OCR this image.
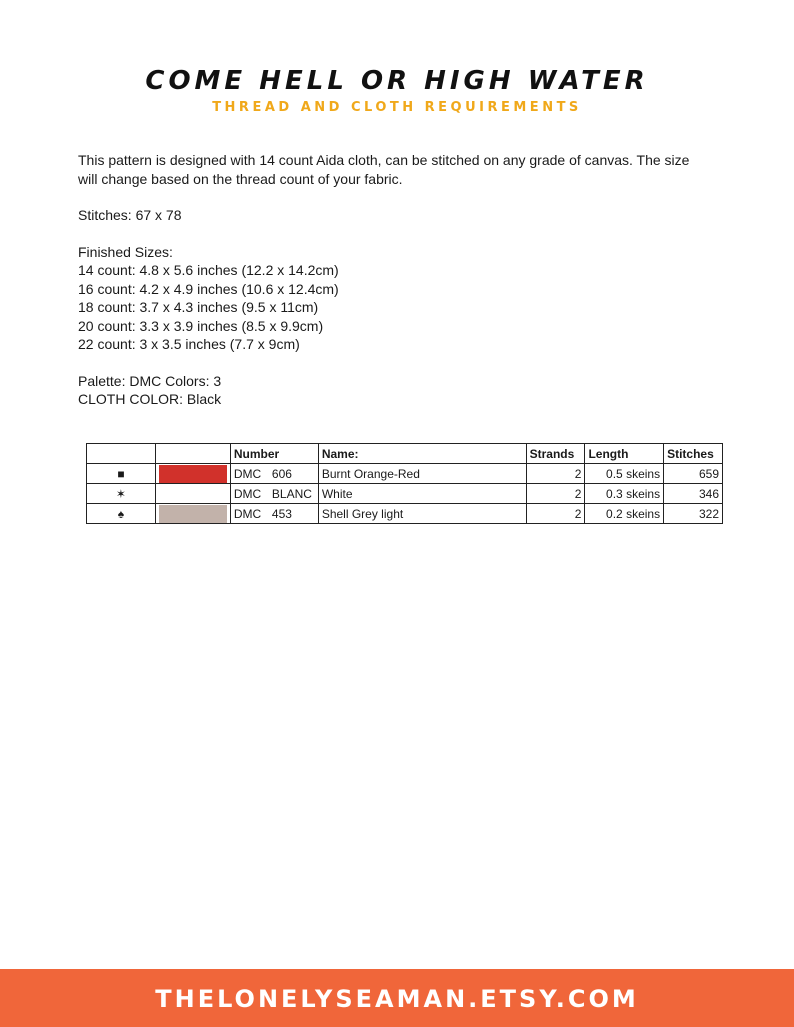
COME HELL OR HIGH WATER
THREAD AND CLOTH REQUIREMENTS

This pattern is designed with 14 count Aida cloth, can be stitched on any grade of canvas. The size

will change based on the thread count of your fabric.

Stitches: 67 x 78

Finished Sizes:

14 count: 4.8 x 5.6 inches (12.2 x 14.2cm)

16 count: 4.2 x 4.9 inches (10.6 x 12.4cm)

18 count: 3.7 x 4.3 inches (9.5 x 11cm)

20 count: 3.3 x 3.9 inches (8.5 x 9.9cm)

22 count: 3 x 3.5 inches (7.7 x 9cm)

Palette: DMC Colors: 3

CLOTH COLOR: Black

		Number	Name:	Strands	Length	Stitches
■		DMC 606	Burnt Orange-Red	2	0.5 skeins	659
✶		DMC BLANC	White	2	0.3 skeins	346
♠		DMC 453	Shell Grey light	2	0.2 skeins	322
THELONELYSEAMAN.ETSY.COM
